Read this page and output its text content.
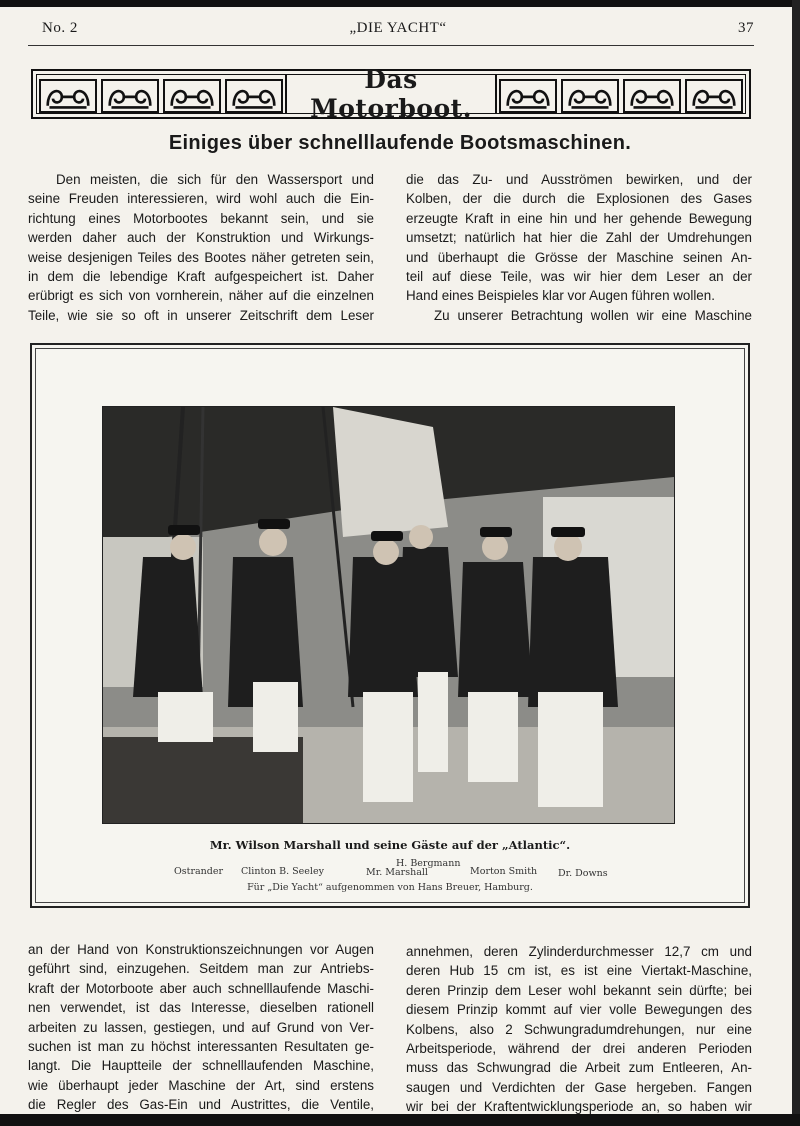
No. 2	„DIE YACHT“	37
Das Motorboot.
Einiges über schnelllaufende Bootsmaschinen.
Den meisten, die sich für den Wassersport und
seine Freuden interessieren, wird wohl auch die Ein-
richtung eines Motorbootes bekannt sein, und sie
werden daher auch der Konstruktion und Wirkungs-
weise desjenigen Teiles des Bootes näher getreten sein,
in dem die lebendige Kraft aufgespeichert ist. Daher
erübrigt es sich von vornherein, näher auf die einzelnen
Teile, wie sie so oft in unserer Zeitschrift dem Leser
die das Zu- und Ausströmen bewirken, und der
Kolben, der die durch die Explosionen des Gases
erzeugte Kraft in eine hin und her gehende Bewegung
umsetzt; natürlich hat hier die Zahl der Umdrehungen
und überhaupt die Grösse der Maschine seinen An-
teil auf diese Teile, was wir hier dem Leser an der
Hand eines Beispieles klar vor Augen führen wollen.
Zu unserer Betrachtung wollen wir eine Maschine
Mr. Wilson Marshall und seine Gäste auf der „Atlantic“.
Ostrander Clinton B. Seeley
H. Bergmann
Mr. Marshall	Morton Smith Dr. Downs
Für „Die Yacht“ aufgenommen von Hans Breuer, Hamburg.
an der Hand von Konstruktionszeichnungen vor Augen
geführt sind, einzugehen. Seitdem man zur Antriebs-
kraft der Motorboote aber auch schnelllaufende Maschi-
nen verwendet, ist das Interesse, dieselben rationell
arbeiten zu lassen, gestiegen, und auf Grund von Ver-
suchen ist man zu höchst interessanten Resultaten ge-
langt. Die Hauptteile der schnelllaufenden Maschine,
wie überhaupt jeder Maschine der Art, sind erstens
die Regler des Gas-Ein und Austrittes, die Ventile,
annehmen, deren Zylinderdurchmesser 12,7 cm und
deren Hub 15 cm ist, es ist eine Viertakt-Maschine,
deren Prinzip dem Leser wohl bekannt sein dürfte; bei
diesem Prinzip kommt auf vier volle Bewegungen des
Kolbens, also 2 Schwungradumdrehungen, nur eine
Arbeitsperiode, während der drei anderen Perioden
muss das Schwungrad die Arbeit zum Entleeren, An-
saugen und Verdichten der Gase hergeben. Fangen
wir bei der Kraftentwicklungsperiode an, so haben wir
